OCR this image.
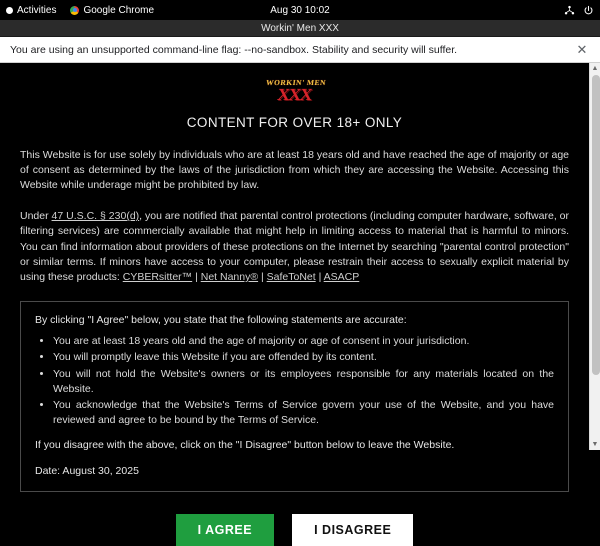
Activities	Google Chrome	Aug 30 10:02
Workin' Men XXX
You are using an unsupported command-line flag: --no-sandbox. Stability and security will suffer.	✕
WORKIN' MEN
XXX
CONTENT FOR OVER 18+ ONLY

This Website is for use solely by individuals who are at least 18 years old and have reached the age of majority or age of consent as determined by the laws of the jurisdiction from which they are accessing the Website. Accessing this Website while underage might be prohibited by law.

Under 47 U.S.C. § 230(d), you are notified that parental control protections (including computer hardware, software, or filtering services) are commercially available that might help in limiting access to material that is harmful to minors. You can find information about providers of these protections on the Internet by searching "parental control protection" or similar terms. If minors have access to your computer, please restrain their access to sexually explicit material by using these products: CYBERsitter™ | Net Nanny® | SafeToNet | ASACP

By clicking "I Agree" below, you state that the following statements are accurate:

• You are at least 18 years old and the age of majority or age of consent in your jurisdiction.
• You will promptly leave this Website if you are offended by its content.
• You will not hold the Website's owners or its employees responsible for any materials located on the Website.
• You acknowledge that the Website's Terms of Service govern your use of the Website, and you have reviewed and agree to be bound by the Terms of Service.

If you disagree with the above, click on the "I Disagree" button below to leave the Website.

Date: August 30, 2025

I AGREE	I DISAGREE
▲
▼
